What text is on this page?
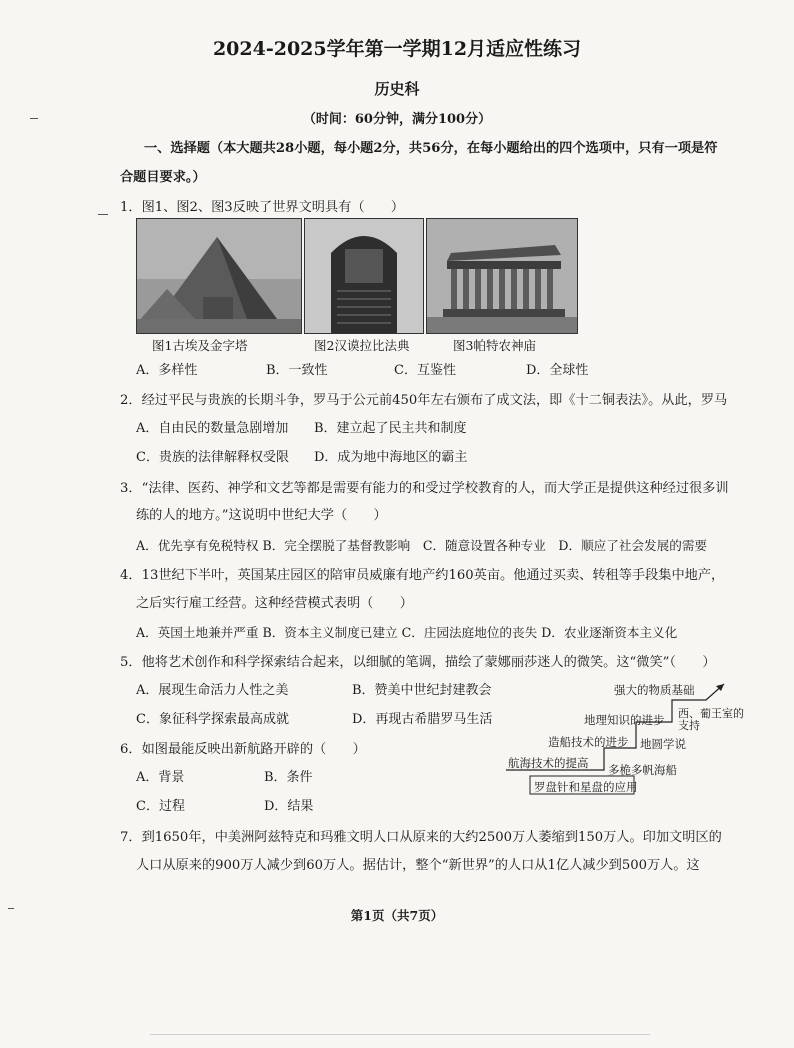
2024-2025学年第一学期12月适应性练习
历史科
（时间：60分钟，满分100分）
一、选择题（本大题共28小题，每小题2分，共56分，在每小题给出的四个选项中，只有一项是符
合题目要求。）
1．图1、图2、图3反映了世界文明具有（　　）
图1古埃及金字塔	图2汉谟拉比法典	图3帕特农神庙
A．多样性	B．一致性	C．互鉴性	D．全球性
2．经过平民与贵族的长期斗争，罗马于公元前450年左右颁布了成文法，即《十二铜表法》。从此，罗马
A．自由民的数量急剧增加 B．建立起了民主共和制度
C．贵族的法律解释权受限 D．成为地中海地区的霸主
3．“法律、医药、神学和文艺等都是需要有能力的和受过学校教育的人，而大学正是提供这种经过很多训
练的人的地方。”这说明中世纪大学（　　）
A．优先享有免税特权 B．完全摆脱了基督教影响　C．随意设置各种专业　D．顺应了社会发展的需要
4．13世纪下半叶，英国某庄园区的陪审员威廉有地产约160英亩。他通过买卖、转租等手段集中地产，
之后实行雇工经营。这种经营模式表明（　　）
A．英国土地兼并严重 B．资本主义制度已建立 C．庄园法庭地位的丧失 D．农业逐渐资本主义化
5．他将艺术创作和科学探索结合起来，以细腻的笔调，描绘了蒙娜丽莎迷人的微笑。这“微笑”（　　）
A．展现生命活力人性之美	B．赞美中世纪封建教会
C．象征科学探索最高成就	D．再现古希腊罗马生活
6．如图最能反映出新航路开辟的（　　）
A．背景	B．条件
C．过程	D．结果
强大的物质基础
地理知识的进步 西、葡王室的支持
造船技术的进步 地圆学说
航海技术的提高 多桅多帆海船
罗盘针和星盘的应用
7．到1650年，中美洲阿兹特克和玛雅文明人口从原来的大约2500万人萎缩到150万人。印加文明区的
人口从原来的900万人减少到60万人。据估计，整个“新世界”的人口从1亿人减少到500万人。这
第1页（共7页）
